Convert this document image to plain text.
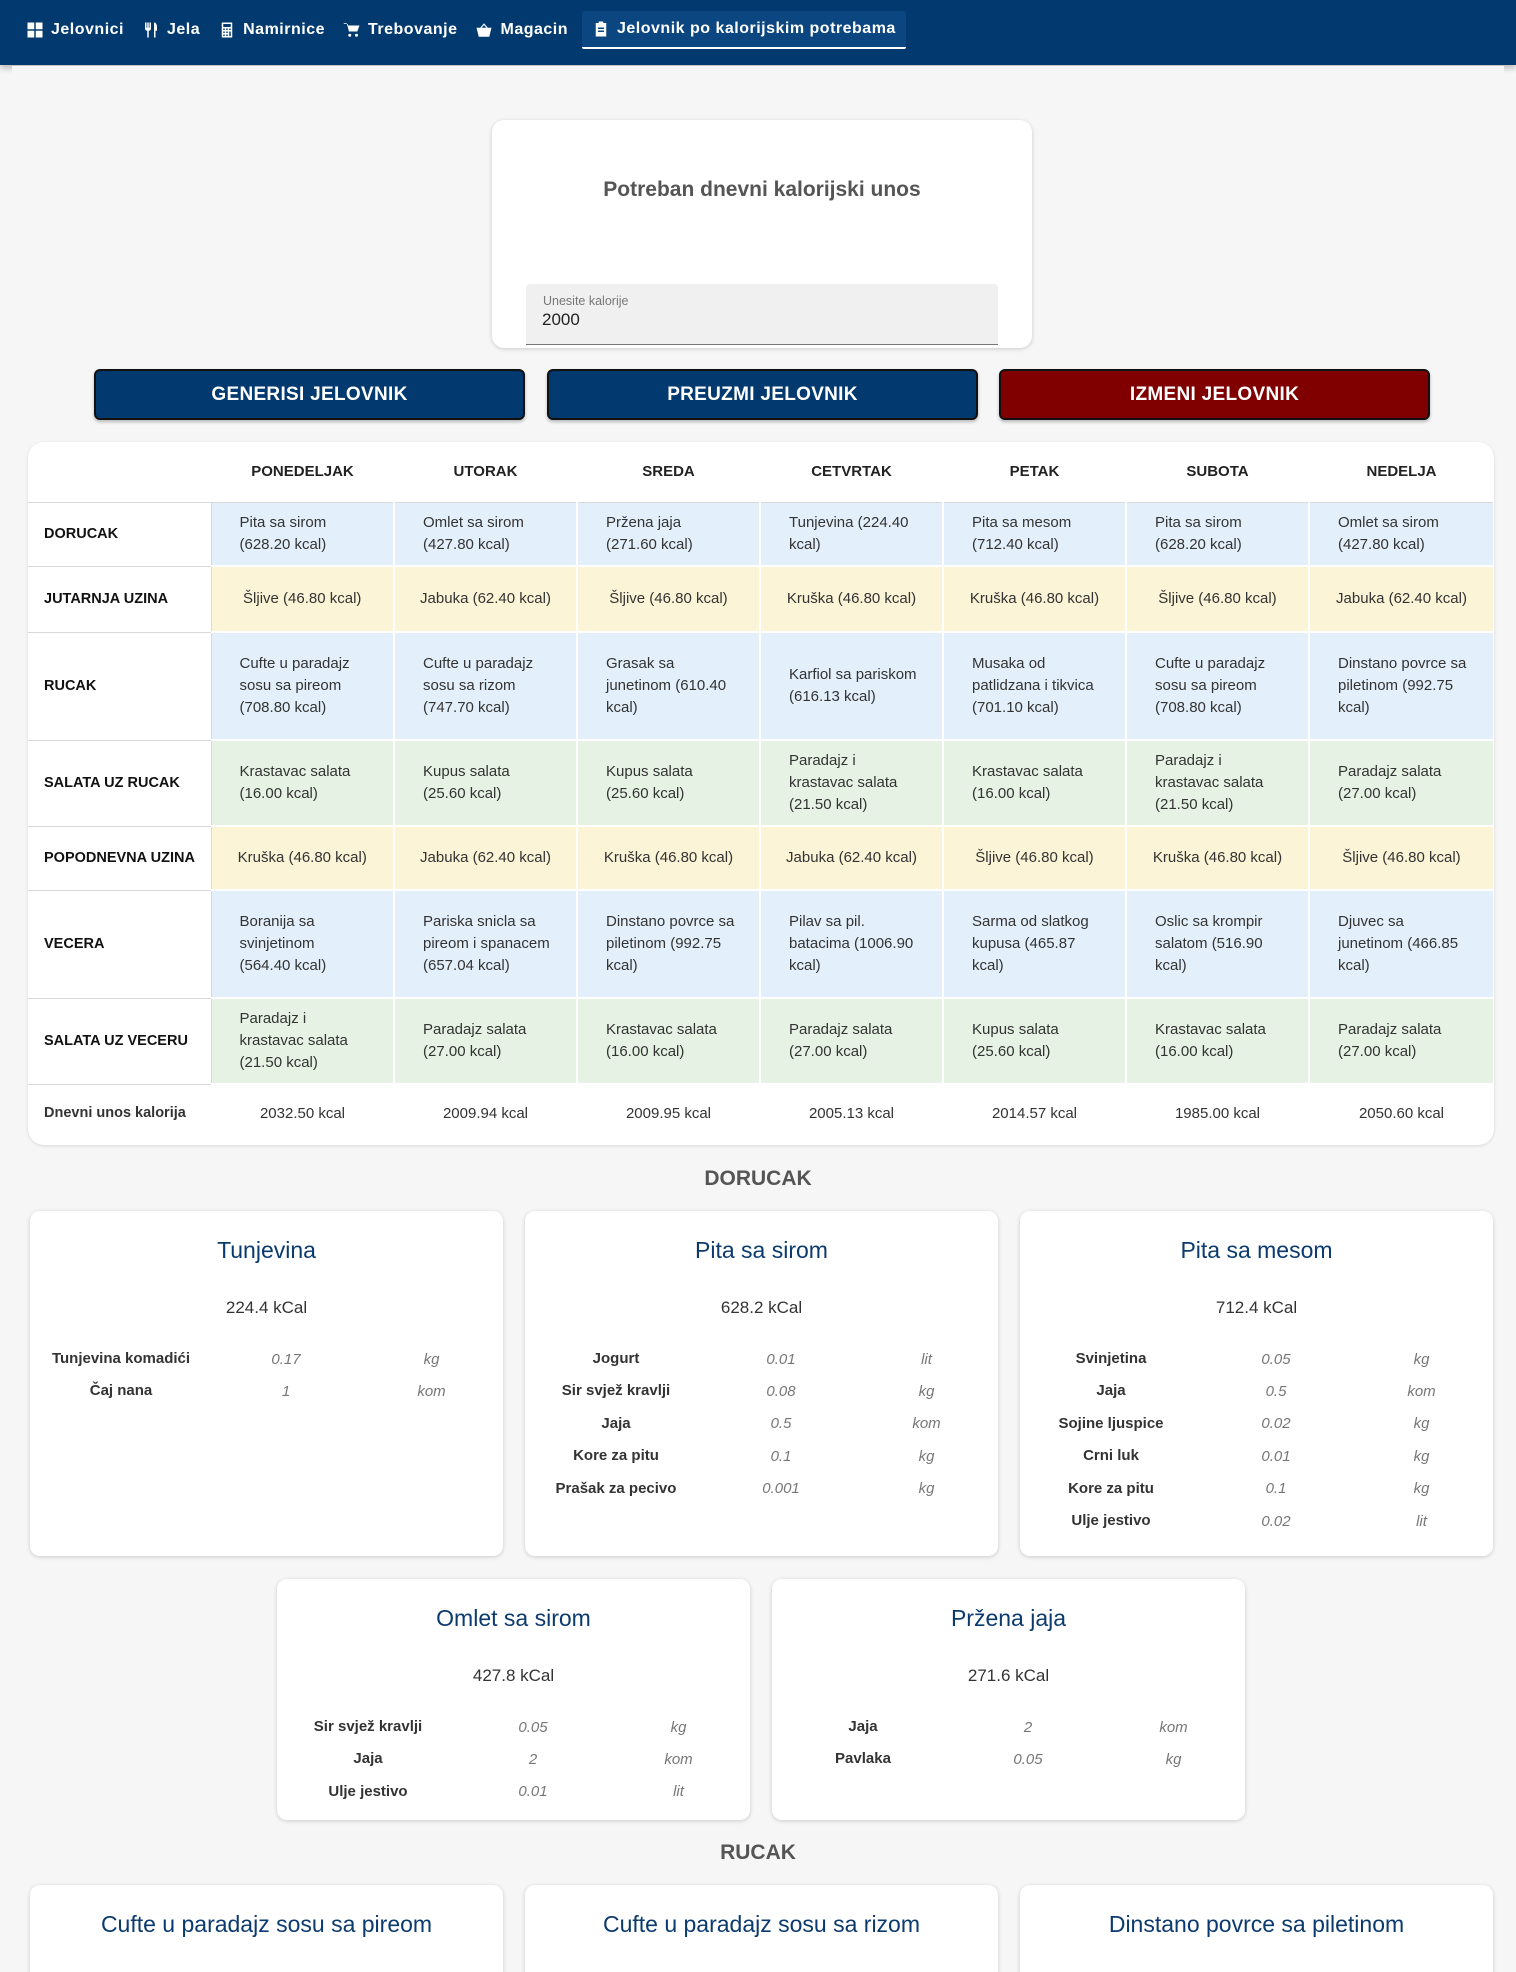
Jelovnici	Jela	Namirnice	Trebovanje	Magacin	Jelovnik po kalorijskim potrebama
Potreban dnevni kalorijski unos
Unesite kalorije
2000
GENERISI JELOVNIK	PREUZMI JELOVNIK	IZMENI JELOVNIK
	PONEDELJAK	UTORAK	SREDA	CETVRTAK	PETAK	SUBOTA	NEDELJA
DORUCAK	Pita sa sirom (628.20 kcal)	Omlet sa sirom (427.80 kcal)	Pržena jaja (271.60 kcal)	Tunjevina (224.40 kcal)	Pita sa mesom (712.40 kcal)	Pita sa sirom (628.20 kcal)	Omlet sa sirom (427.80 kcal)
JUTARNJA UZINA	Šljive (46.80 kcal)	Jabuka (62.40 kcal)	Šljive (46.80 kcal)	Kruška (46.80 kcal)	Kruška (46.80 kcal)	Šljive (46.80 kcal)	Jabuka (62.40 kcal)
RUCAK	Cufte u paradajz sosu sa pireom (708.80 kcal)	Cufte u paradajz sosu sa rizom (747.70 kcal)	Grasak sa junetinom (610.40 kcal)	Karfiol sa pariskom (616.13 kcal)	Musaka od patlidzana i tikvica (701.10 kcal)	Cufte u paradajz sosu sa pireom (708.80 kcal)	Dinstano povrce sa piletinom (992.75 kcal)
SALATA UZ RUCAK	Krastavac salata (16.00 kcal)	Kupus salata (25.60 kcal)	Kupus salata (25.60 kcal)	Paradajz i krastavac salata (21.50 kcal)	Krastavac salata (16.00 kcal)	Paradajz i krastavac salata (21.50 kcal)	Paradajz salata (27.00 kcal)
POPODNEVNA UZINA	Kruška (46.80 kcal)	Jabuka (62.40 kcal)	Kruška (46.80 kcal)	Jabuka (62.40 kcal)	Šljive (46.80 kcal)	Kruška (46.80 kcal)	Šljive (46.80 kcal)
VECERA	Boranija sa svinjetinom (564.40 kcal)	Pariska snicla sa pireom i spanacem (657.04 kcal)	Dinstano povrce sa piletinom (992.75 kcal)	Pilav sa pil. batacima (1006.90 kcal)	Sarma od slatkog kupusa (465.87 kcal)	Oslic sa krompir salatom (516.90 kcal)	Djuvec sa junetinom (466.85 kcal)
SALATA UZ VECERU	Paradajz i krastavac salata (21.50 kcal)	Paradajz salata (27.00 kcal)	Krastavac salata (16.00 kcal)	Paradajz salata (27.00 kcal)	Kupus salata (25.60 kcal)	Krastavac salata (16.00 kcal)	Paradajz salata (27.00 kcal)
Dnevni unos kalorija	2032.50 kcal	2009.94 kcal	2009.95 kcal	2005.13 kcal	2014.57 kcal	1985.00 kcal	2050.60 kcal
DORUCAK
Tunjevina
224.4 kCal
Tunjevina komadići	0.17	kg
Čaj nana	1	kom
Pita sa sirom
628.2 kCal
Jogurt	0.01	lit
Sir svjež kravlji	0.08	kg
Jaja	0.5	kom
Kore za pitu	0.1	kg
Prašak za pecivo	0.001	kg
Pita sa mesom
712.4 kCal
Svinjetina	0.05	kg
Jaja	0.5	kom
Sojine ljuspice	0.02	kg
Crni luk	0.01	kg
Kore za pitu	0.1	kg
Ulje jestivo	0.02	lit
Omlet sa sirom
427.8 kCal
Sir svjež kravlji	0.05	kg
Jaja	2	kom
Ulje jestivo	0.01	lit
Pržena jaja
271.6 kCal
Jaja	2	kom
Pavlaka	0.05	kg
RUCAK
Cufte u paradajz sosu sa pireom	Cufte u paradajz sosu sa rizom	Dinstano povrce sa piletinom
